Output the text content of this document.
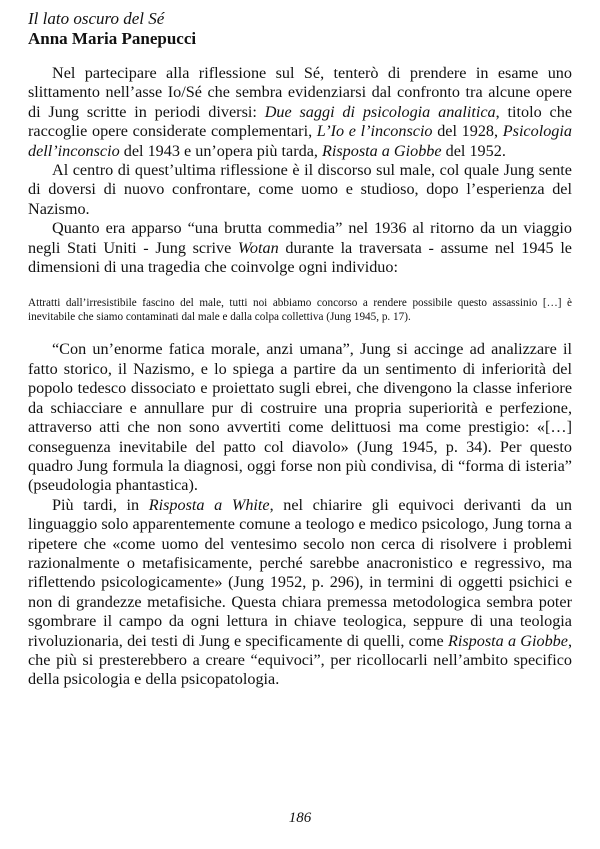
Il lato oscuro del Sé
Anna Maria Panepucci

Nel partecipare alla riflessione sul Sé, tenterò di prendere in esame uno slittamento nell’asse Io/Sé che sembra evidenziarsi dal confronto tra alcune opere di Jung scritte in periodi diversi: Due saggi di psicologia analitica, titolo che raccoglie opere considerate complementari, L’Io e l’inconscio del 1928, Psicologia dell’inconscio del 1943 e un’opera più tarda, Risposta a Giobbe del 1952.

Al centro di quest’ultima riflessione è il discorso sul male, col quale Jung sente di doversi di nuovo confrontare, come uomo e studioso, dopo l’esperienza del Nazismo.

Quanto era apparso “una brutta commedia” nel 1936 al ritorno da un viaggio negli Stati Uniti - Jung scrive Wotan durante la traversata - assume nel 1945 le dimensioni di una tragedia che coinvolge ogni individuo:

Attratti dall’irresistibile fascino del male, tutti noi abbiamo concorso a rendere possibile questo assassinio […] è inevitabile che siamo contaminati dal male e dalla colpa collettiva (Jung 1945, p. 17).

“Con un’enorme fatica morale, anzi umana”, Jung si accinge ad analizzare il fatto storico, il Nazismo, e lo spiega a partire da un sentimento di inferiorità del popolo tedesco dissociato e proiettato sugli ebrei, che divengono la classe inferiore da schiacciare e annullare pur di costruire una propria superiorità e perfezione, attraverso atti che non sono avvertiti come delittuosi ma come prestigio: «[…] conseguenza inevitabile del patto col diavolo» (Jung 1945, p. 34). Per questo quadro Jung formula la diagnosi, oggi forse non più condivisa, di “forma di isteria” (pseudologia phantastica).

Più tardi, in Risposta a White, nel chiarire gli equivoci derivanti da un linguaggio solo apparentemente comune a teologo e medico psicologo, Jung torna a ripetere che «come uomo del ventesimo secolo non cerca di risolvere i problemi razionalmente o metafisicamente, perché sarebbe anacronistico e regressivo, ma riflettendo psicologicamente» (Jung 1952, p. 296), in termini di oggetti psichici e non di grandezze metafisiche. Questa chiara premessa metodologica sembra poter sgombrare il campo da ogni lettura in chiave teologica, seppure di una teologia rivoluzionaria, dei testi di Jung e specificamente di quelli, come Risposta a Giobbe, che più si presterebbero a creare “equivoci”, per ricollocarli nell’ambito specifico della psicologia e della psicopatologia.

186
